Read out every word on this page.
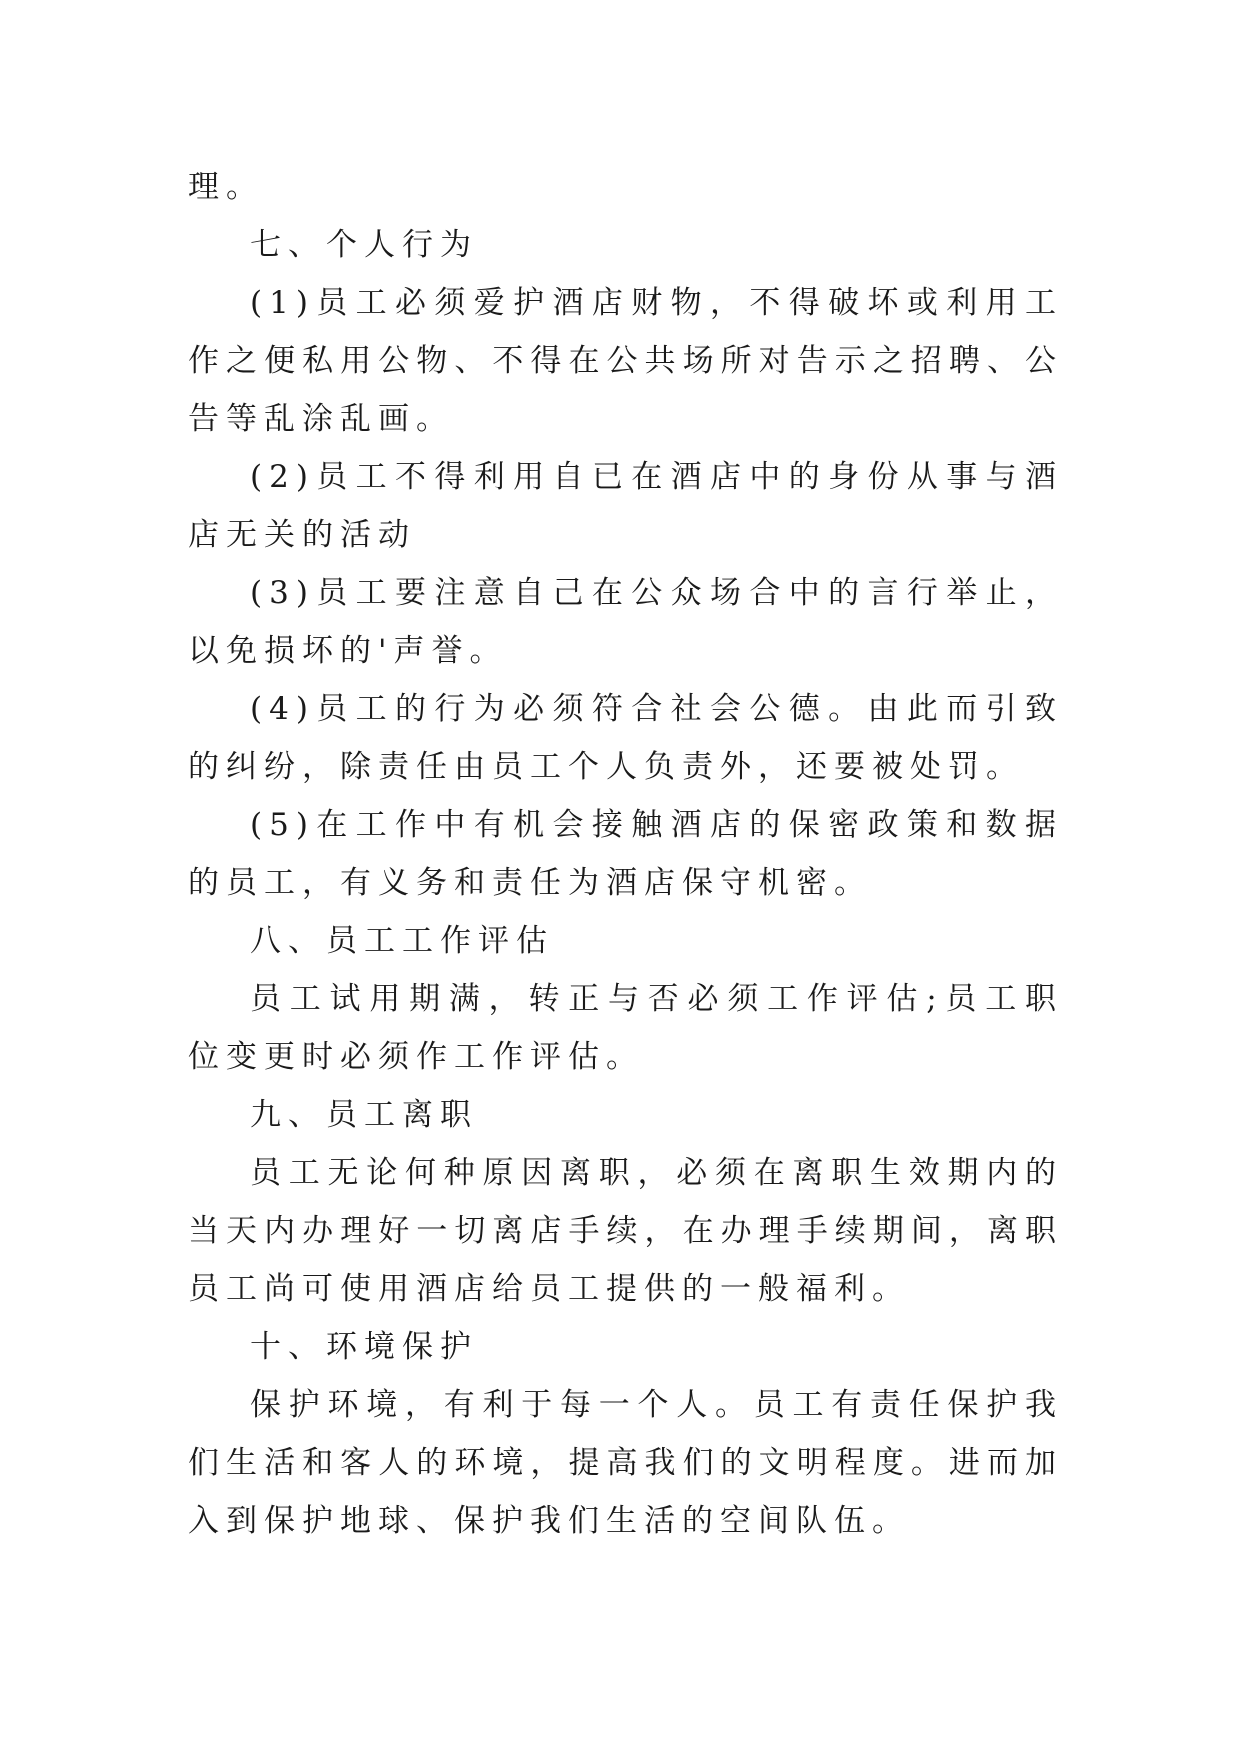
理。

七、个人行为

(1)员工必须爱护酒店财物，不得破坏或利用工作之便私用公物、不得在公共场所对告示之招聘、公告等乱涂乱画。

(2)员工不得利用自已在酒店中的身份从事与酒店无关的活动

(3)员工要注意自己在公众场合中的言行举止，以免损坏的'声誉。

(4)员工的行为必须符合社会公德。由此而引致的纠纷，除责任由员工个人负责外，还要被处罚。

(5)在工作中有机会接触酒店的保密政策和数据的员工，有义务和责任为酒店保守机密。

八、员工工作评估

员工试用期满，转正与否必须工作评估;员工职位变更时必须作工作评估。

九、员工离职

员工无论何种原因离职，必须在离职生效期内的当天内办理好一切离店手续，在办理手续期间，离职员工尚可使用酒店给员工提供的一般福利。

十、环境保护

保护环境，有利于每一个人。员工有责任保护我们生活和客人的环境，提高我们的文明程度。进而加入到保护地球、保护我们生活的空间队伍。
